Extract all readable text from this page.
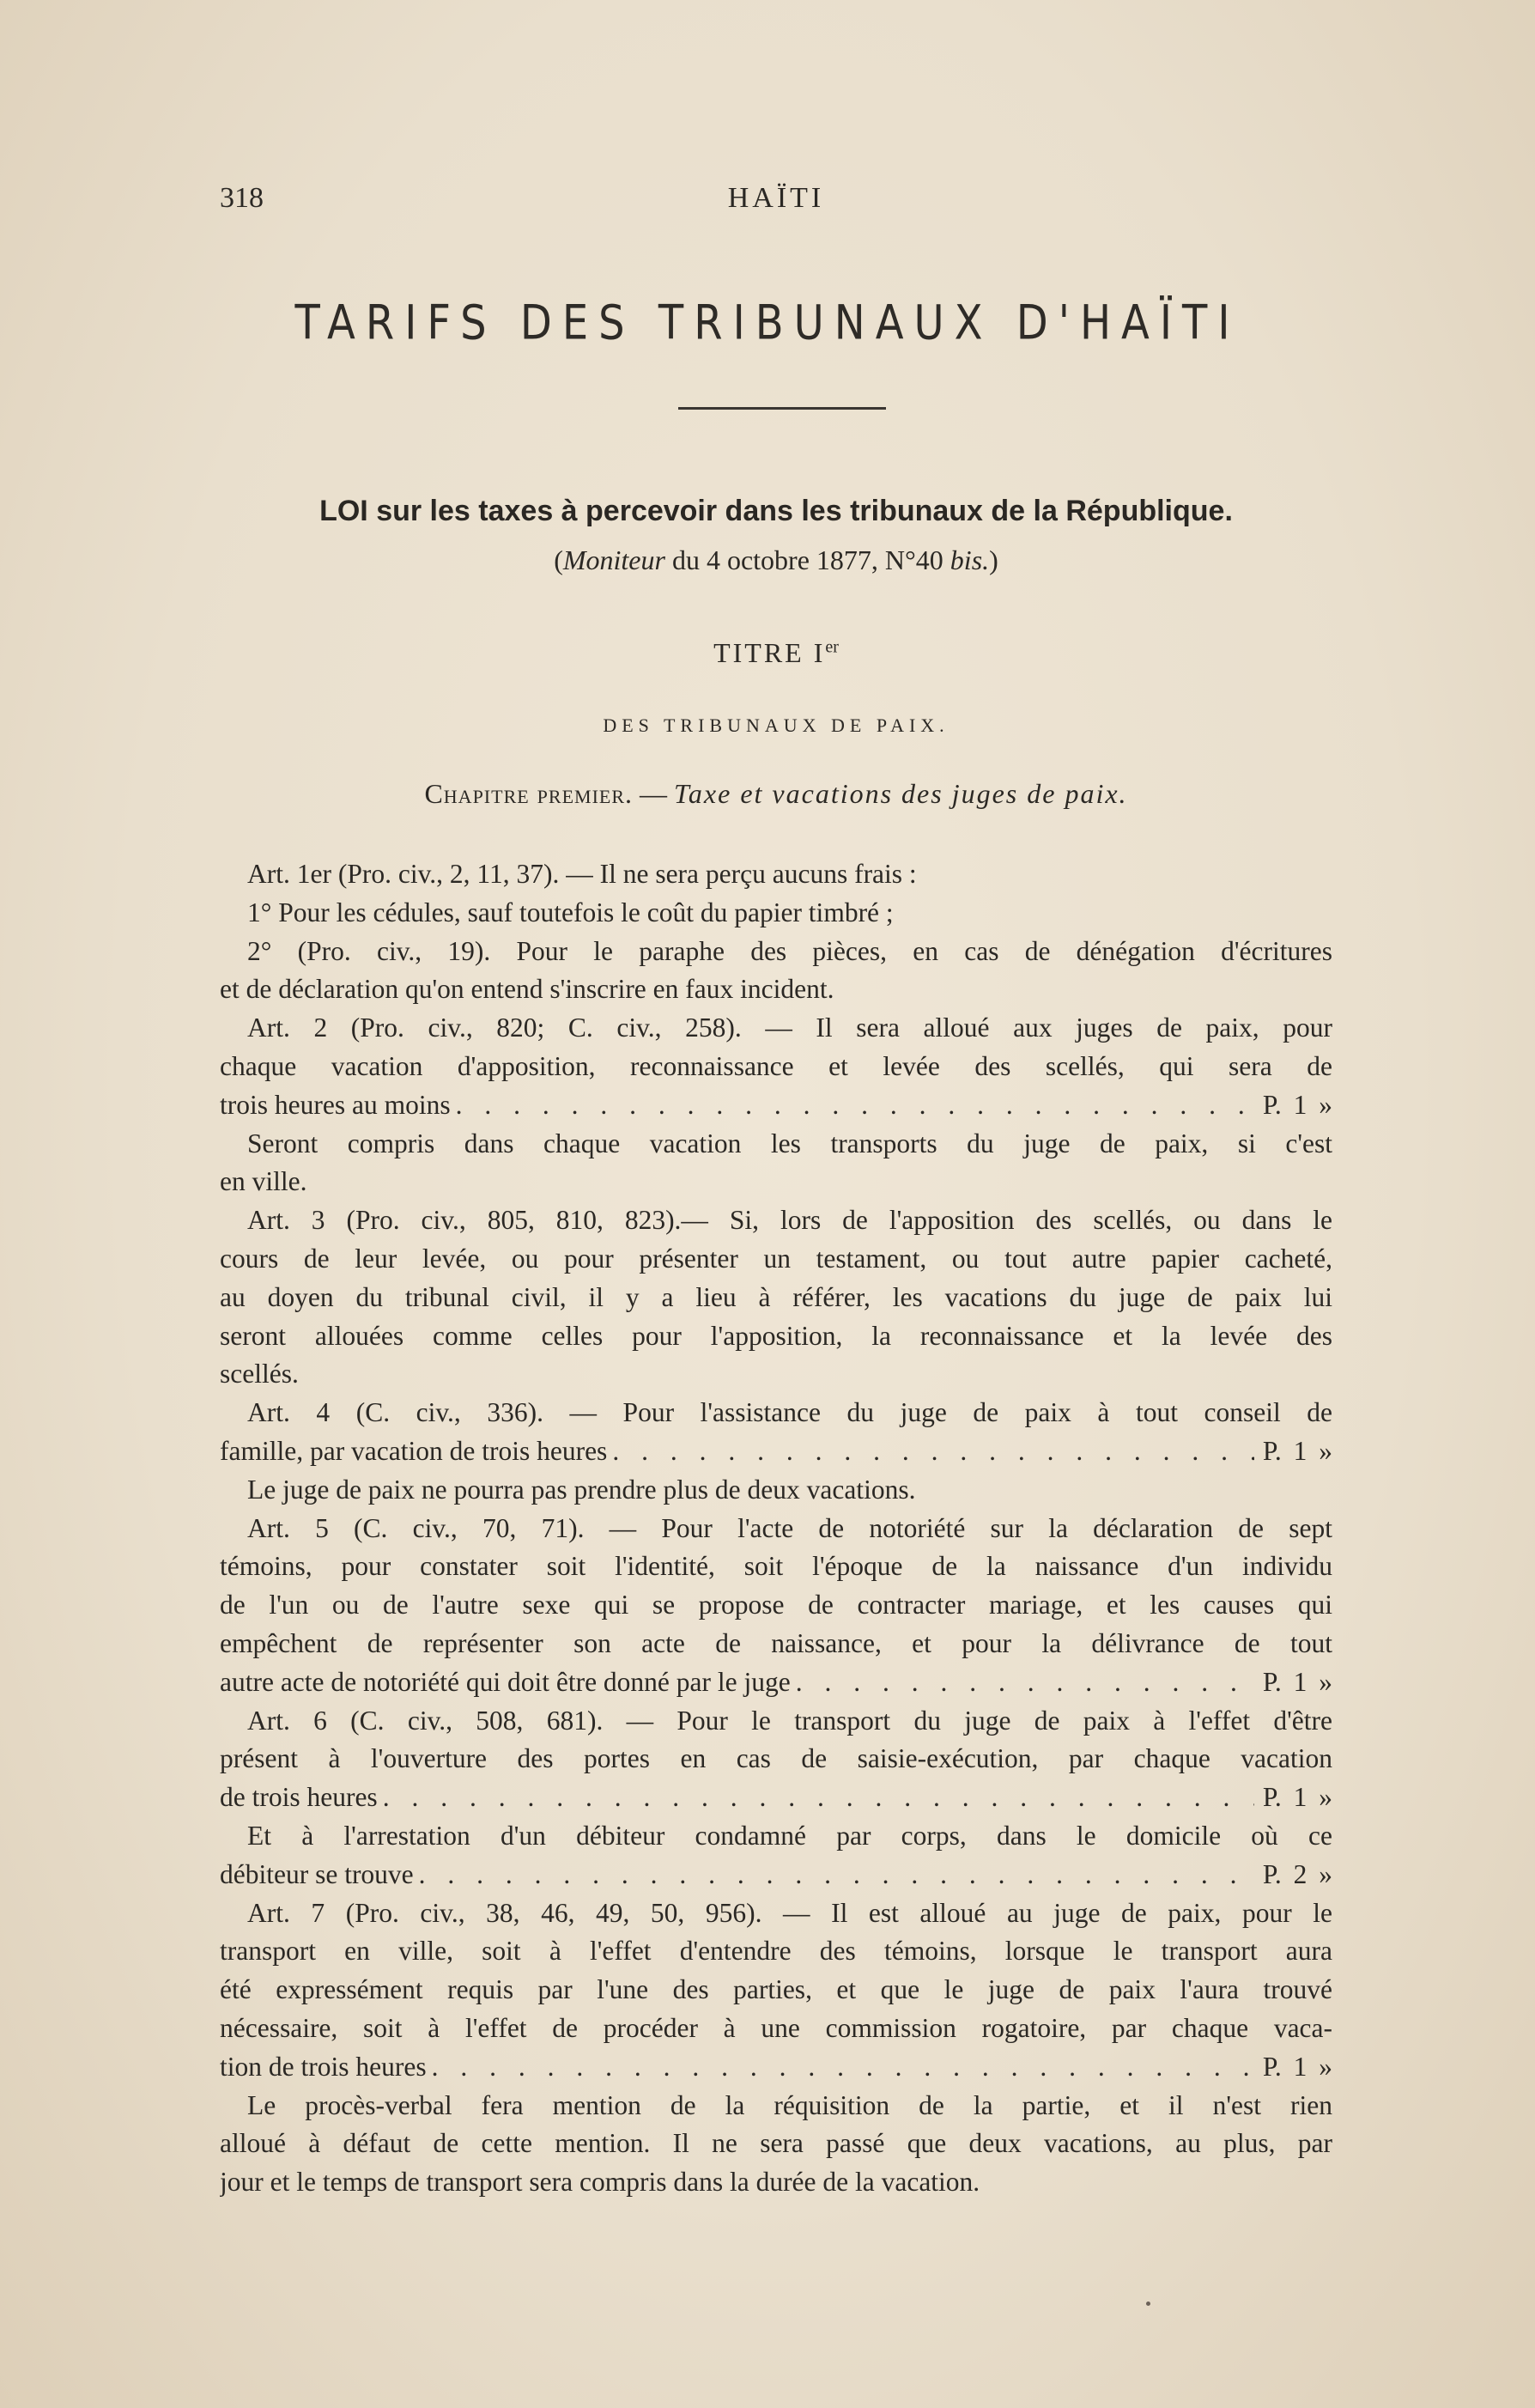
318	HAÏTI
TARIFS DES TRIBUNAUX D'HAÏTI
LOI sur les taxes à percevoir dans les tribunaux de la République.
(Moniteur du 4 octobre 1877, N°40 bis.)
TITRE Ier
DES TRIBUNAUX DE PAIX.
Chapitre premier. — Taxe et vacations des juges de paix.
Art. 1er (Pro. civ., 2, 11, 37). — Il ne sera perçu aucuns frais :
1° Pour les cédules, sauf toutefois le coût du papier timbré ;
2° (Pro. civ., 19). Pour le paraphe des pièces, en cas de dénégation d'écritures
et de déclaration qu'on entend s'inscrire en faux incident.
Art. 2 (Pro. civ., 820; C. civ., 258). — Il sera alloué aux juges de paix, pour
chaque vacation d'apposition, reconnaissance et levée des scellés, qui sera de
trois heures au moins . . .	P. 1 »
Seront compris dans chaque vacation les transports du juge de paix, si c'est
en ville.
Art. 3 (Pro. civ., 805, 810, 823).— Si, lors de l'apposition des scellés, ou dans le
cours de leur levée, ou pour présenter un testament, ou tout autre papier cacheté,
au doyen du tribunal civil, il y a lieu à référer, les vacations du juge de paix lui
seront allouées comme celles pour l'apposition, la reconnaissance et la levée des
scellés.
Art. 4 (C. civ., 336). — Pour l'assistance du juge de paix à tout conseil de
famille, par vacation de trois heures . . .	P. 1 »
Le juge de paix ne pourra pas prendre plus de deux vacations.
Art. 5 (C. civ., 70, 71). — Pour l'acte de notoriété sur la déclaration de sept
témoins, pour constater soit l'identité, soit l'époque de la naissance d'un individu
de l'un ou de l'autre sexe qui se propose de contracter mariage, et les causes qui
empêchent de représenter son acte de naissance, et pour la délivrance de tout
autre acte de notoriété qui doit être donné par le juge . . .	P. 1 »
Art. 6 (C. civ., 508, 681). — Pour le transport du juge de paix à l'effet d'être
présent à l'ouverture des portes en cas de saisie-exécution, par chaque vacation
de trois heures . . .	P. 1 »
Et à l'arrestation d'un débiteur condamné par corps, dans le domicile où ce
débiteur se trouve . . .	P. 2 »
Art. 7 (Pro. civ., 38, 46, 49, 50, 956). — Il est alloué au juge de paix, pour le
transport en ville, soit à l'effet d'entendre des témoins, lorsque le transport aura
été expressément requis par l'une des parties, et que le juge de paix l'aura trouvé
nécessaire, soit à l'effet de procéder à une commission rogatoire, par chaque vaca-
tion de trois heures . . .	P. 1 »
Le procès-verbal fera mention de la réquisition de la partie, et il n'est rien
alloué à défaut de cette mention. Il ne sera passé que deux vacations, au plus, par
jour et le temps de transport sera compris dans la durée de la vacation.
